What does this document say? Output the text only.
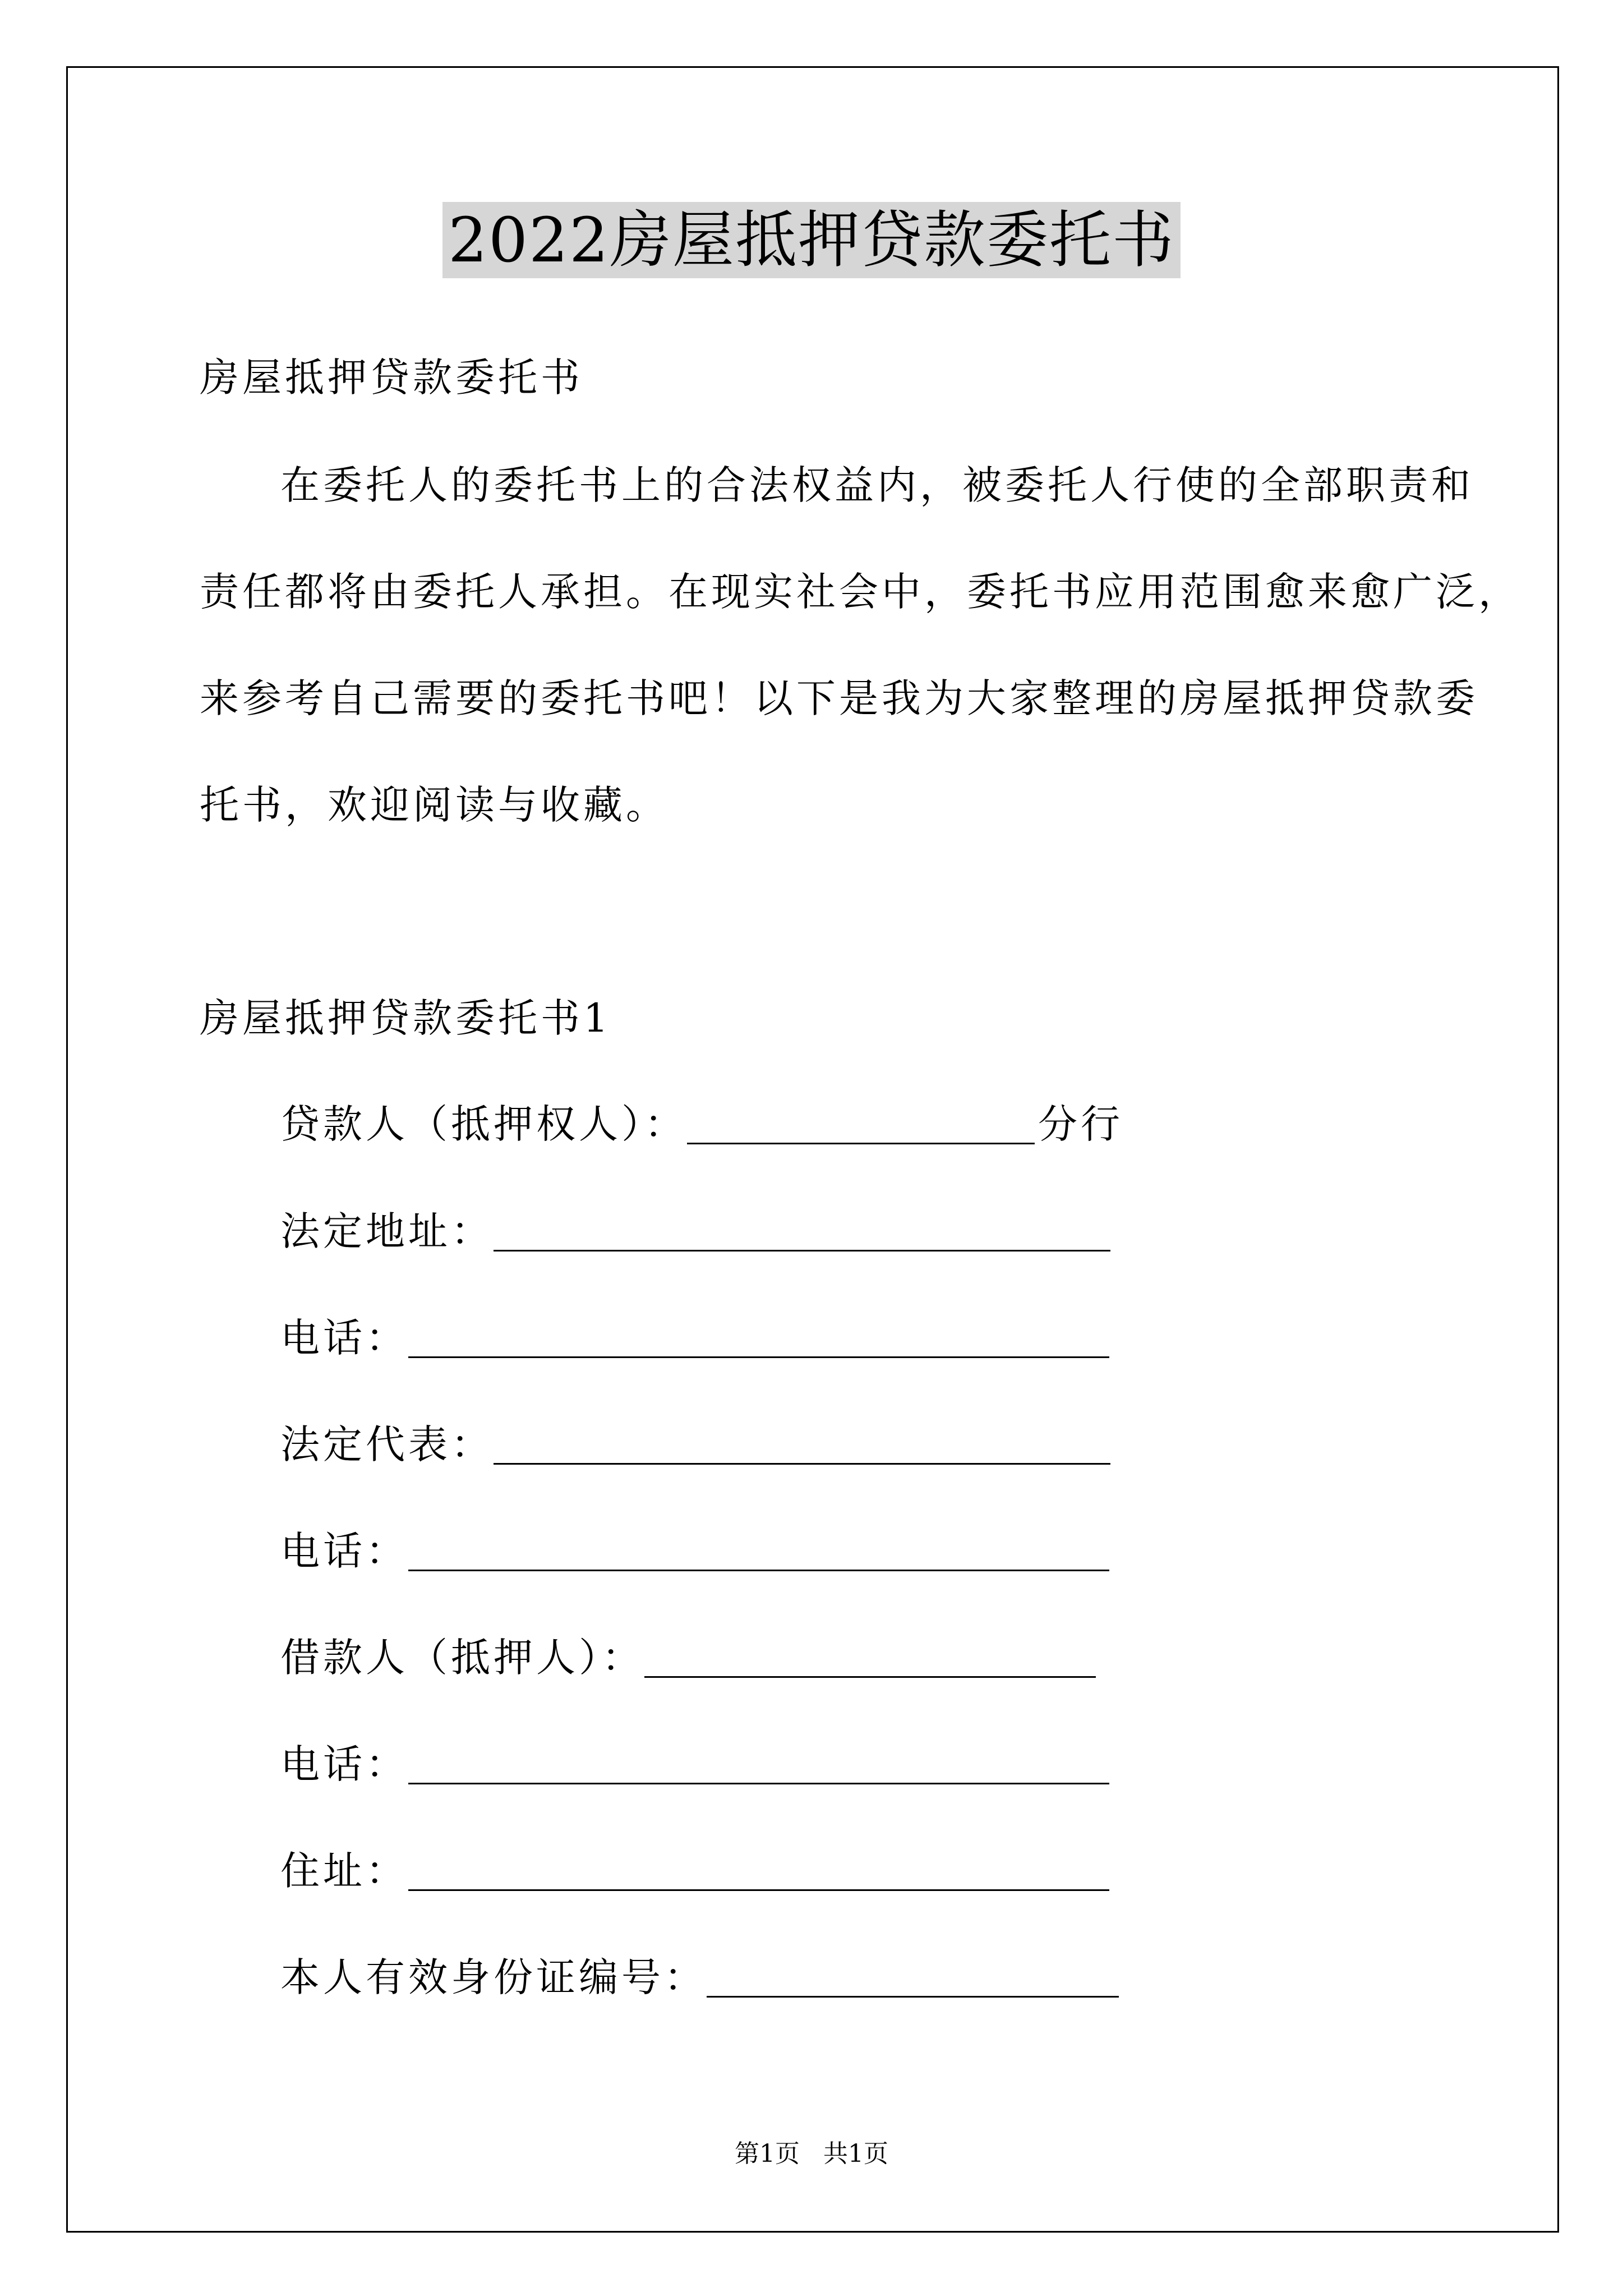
2022房屋抵押贷款委托书
房屋抵押贷款委托书
在委托人的委托书上的合法权益内，被委托人行使的全部职责和
责任都将由委托人承担。在现实社会中，委托书应用范围愈来愈广泛，
来参考自己需要的委托书吧！以下是我为大家整理的房屋抵押贷款委
托书，欢迎阅读与收藏。
房屋抵押贷款委托书1
贷款人（抵押权人）：	分行
法定地址：
电话：
法定代表：
电话：
借款人（抵押人）：
电话：
住址：
本人有效身份证编号：
第1页   共1页
